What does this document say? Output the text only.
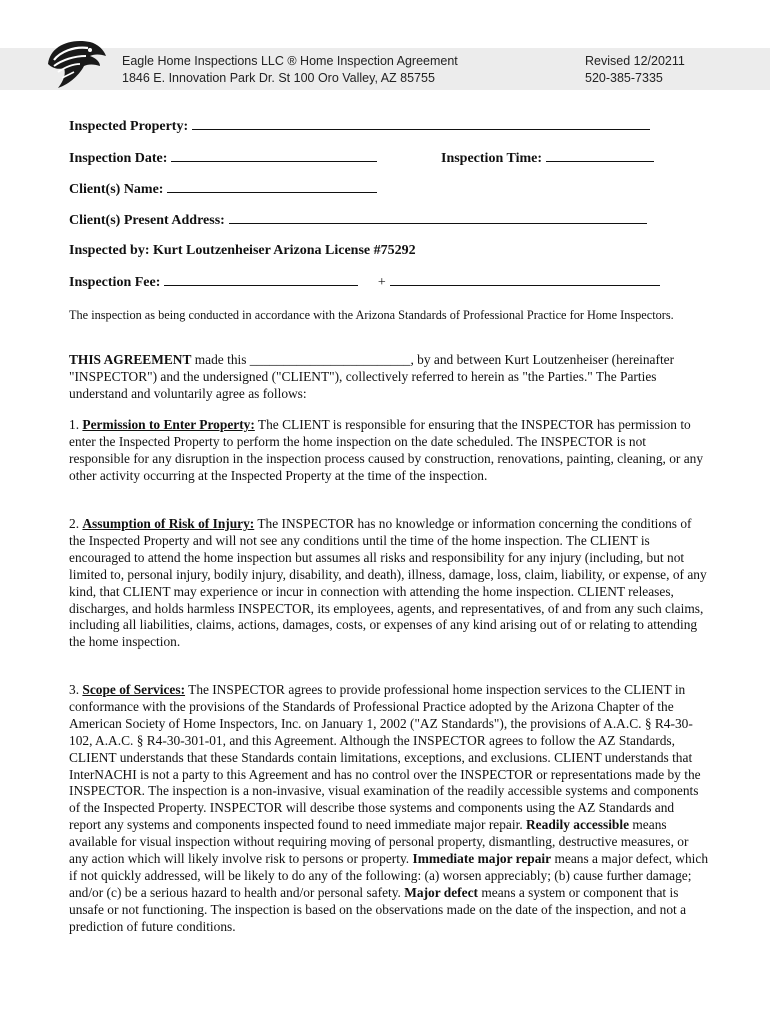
Eagle Home Inspections LLC ® Home Inspection Agreement
1846 E. Innovation Park Dr. St 100 Oro Valley, AZ 85755
Revised 12/20211
520-385-7335
Inspected Property:
Inspection Date:	Inspection Time:
Client(s) Name:
Client(s) Present Address:
Inspected by: Kurt Loutzenheiser Arizona License #75292
Inspection Fee:	+
The inspection as being conducted in accordance with the Arizona Standards of Professional Practice for Home Inspectors.
THIS AGREEMENT made this ________________________, by and between Kurt Loutzenheiser (hereinafter "INSPECTOR") and the undersigned ("CLIENT"), collectively referred to herein as "the Parties." The Parties understand and voluntarily agree as follows:
1. Permission to Enter Property: The CLIENT is responsible for ensuring that the INSPECTOR has permission to enter the Inspected Property to perform the home inspection on the date scheduled. The INSPECTOR is not responsible for any disruption in the inspection process caused by construction, renovations, painting, cleaning, or any other activity occurring at the Inspected Property at the time of the inspection.
2. Assumption of Risk of Injury: The INSPECTOR has no knowledge or information concerning the conditions of the Inspected Property and will not see any conditions until the time of the home inspection. The CLIENT is encouraged to attend the home inspection but assumes all risks and responsibility for any injury (including, but not limited to, personal injury, bodily injury, disability, and death), illness, damage, loss, claim, liability, or expense, of any kind, that CLIENT may experience or incur in connection with attending the home inspection. CLIENT releases, discharges, and holds harmless INSPECTOR, its employees, agents, and representatives, of and from any such claims, including all liabilities, claims, actions, damages, costs, or expenses of any kind arising out of or relating to attending the home inspection.
3. Scope of Services: The INSPECTOR agrees to provide professional home inspection services to the CLIENT in conformance with the provisions of the Standards of Professional Practice adopted by the Arizona Chapter of the American Society of Home Inspectors, Inc. on January 1, 2002 ("AZ Standards"), the provisions of A.A.C. § R4-30-102, A.A.C. § R4-30-301-01, and this Agreement. Although the INSPECTOR agrees to follow the AZ Standards, CLIENT understands that these Standards contain limitations, exceptions, and exclusions. CLIENT understands that InterNACHI is not a party to this Agreement and has no control over the INSPECTOR or representations made by the INSPECTOR. The inspection is a non-invasive, visual examination of the readily accessible systems and components of the Inspected Property. INSPECTOR will describe those systems and components using the AZ Standards and report any systems and components inspected found to need immediate major repair. Readily accessible means available for visual inspection without requiring moving of personal property, dismantling, destructive measures, or any action which will likely involve risk to persons or property. Immediate major repair means a major defect, which if not quickly addressed, will be likely to do any of the following: (a) worsen appreciably; (b) cause further damage; and/or (c) be a serious hazard to health and/or personal safety. Major defect means a system or component that is unsafe or not functioning. The inspection is based on the observations made on the date of the inspection, and not a prediction of future conditions.
